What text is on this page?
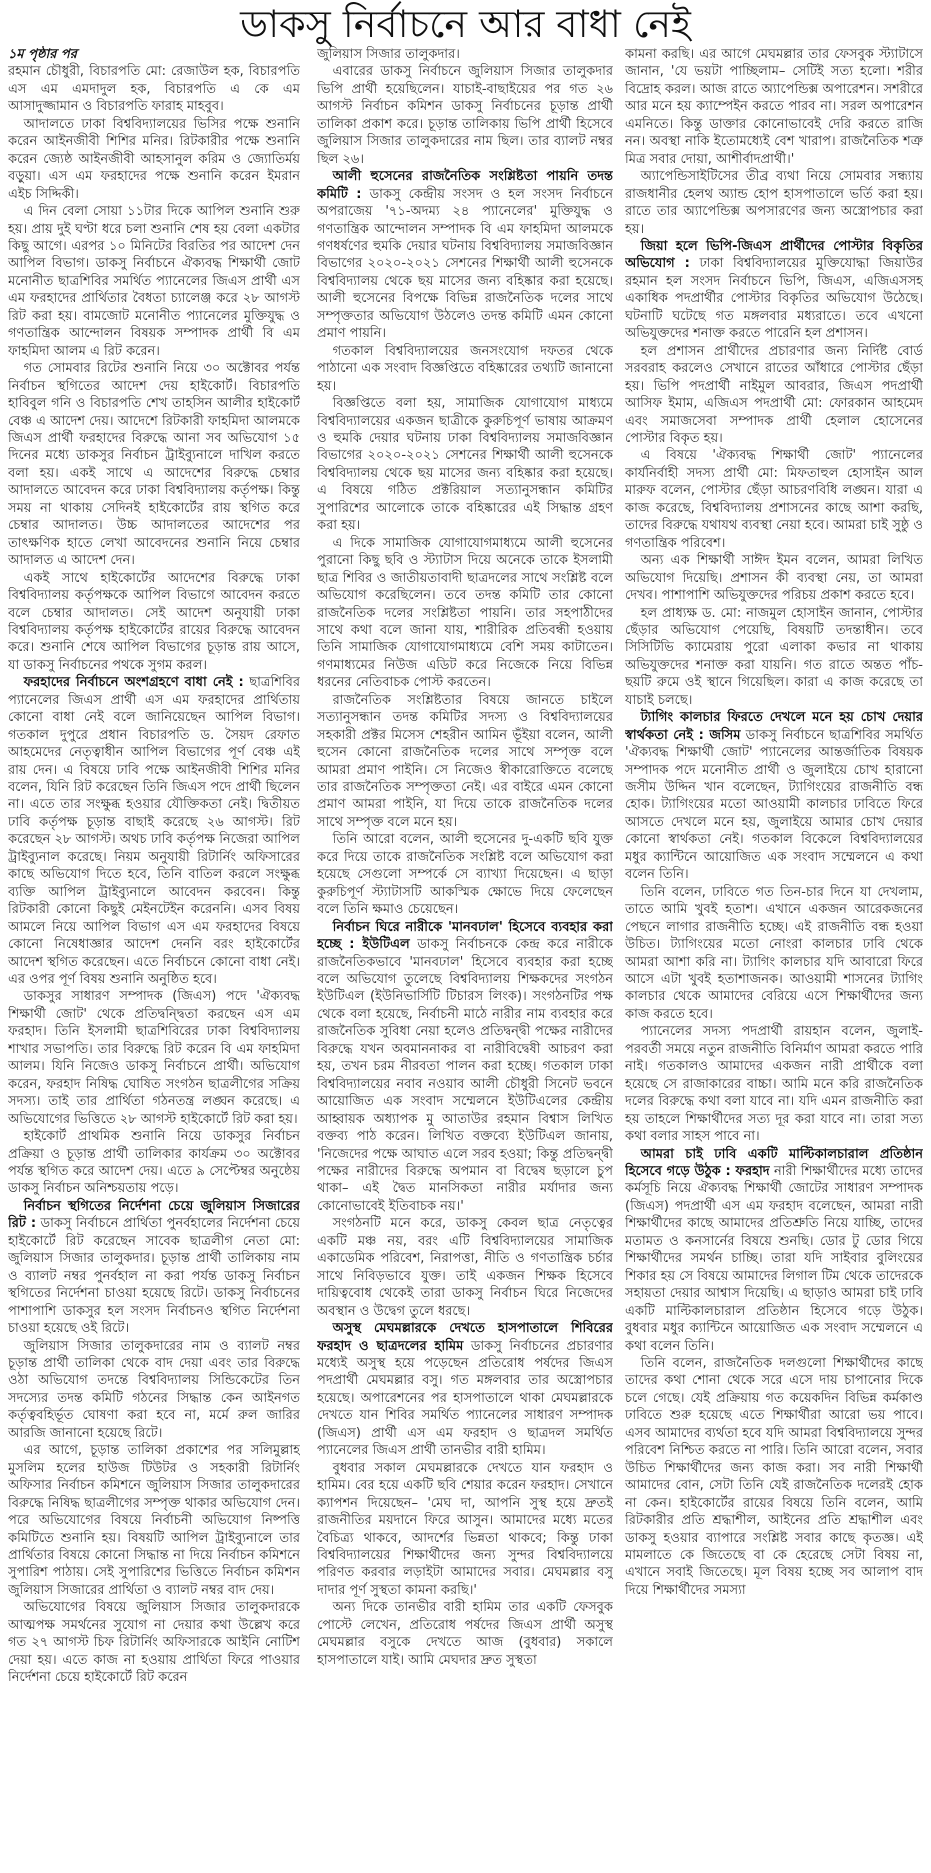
ডাকসু নির্বাচনে আর বাধা নেই
১ম পৃষ্ঠার পর

রহমান চৌধুরী, বিচারপতি মো: রেজাউল হক, বিচারপতি এস এম এমদাদুল হক, বিচারপতি এ কে এম আসাদুজ্জামান ও বিচারপতি ফারাহ মাহবুব।

আদালতে ঢাকা বিশ্ববিদ্যালয়ের ভিসির পক্ষে শুনানি করেন আইনজীবী শিশির মনির। রিটকারীর পক্ষে শুনানি করেন জ্যেষ্ঠ আইনজীবী আহসানুল করিম ও জ্যোতির্ময় বড়ুয়া। এস এম ফরহাদের পক্ষে শুনানি করেন ইমরান এইচ সিদ্দিকী।

এ দিন বেলা সোয়া ১১টার দিকে আপিল শুনানি শুরু হয়। প্রায় দুই ঘণ্টা ধরে চলা শুনানি শেষ হয় বেলা একটার কিছু আগে। এরপর ১০ মিনিটের বিরতির পর আদেশ দেন আপিল বিভাগ। ডাকসু নির্বাচনে ঐক্যবদ্ধ শিক্ষার্থী জোট মনোনীত ছাত্রশিবির সমর্থিত প্যানেলের জিএস প্রার্থী এস এম ফরহাদের প্রার্থিতার বৈধতা চ্যালেঞ্জ করে ২৮ আগস্ট রিট করা হয়। বামজোট মনোনীত প্যানেলের মুক্তিযুদ্ধ ও গণতান্ত্রিক আন্দোলন বিষয়ক সম্পাদক প্রার্থী বি এম ফাহমিদা আলম এ রিট করেন।

গত সোমবার রিটের শুনানি নিয়ে ৩০ অক্টোবর পর্যন্ত নির্বাচন স্থগিতের আদেশ দেয় হাইকোর্ট। বিচারপতি হাবিবুল গনি ও বিচারপতি শেখ তাহসিন আলীর হাইকোর্ট বেঞ্চ এ আদেশ দেয়। আদেশে রিটকারী ফাহমিদা আলমকে জিএস প্রার্থী ফরহাদের বিরুদ্ধে আনা সব অভিযোগ ১৫ দিনের মধ্যে ডাকসুর নির্বাচন ট্রাইব্যুনালে দাখিল করতে বলা হয়। একই সাথে এ আদেশের বিরুদ্ধে চেম্বার আদালতে আবেদন করে ঢাকা বিশ্ববিদ্যালয় কর্তৃপক্ষ। কিন্তু সময় না থাকায় সেদিনই হাইকোর্টের রায় স্থগিত করে চেম্বার আদালত। উচ্চ আদালতের আদেশের পর তাৎক্ষণিক হাতে লেখা আবেদনের শুনানি নিয়ে চেম্বার আদালত এ আদেশ দেন।

একই সাথে হাইকোর্টের আদেশের বিরুদ্ধে ঢাকা বিশ্ববিদ্যালয় কর্তৃপক্ষকে আপিল বিভাগে আবেদন করতে বলে চেম্বার আদালত। সেই আদেশ অনুযায়ী ঢাকা বিশ্ববিদ্যালয় কর্তৃপক্ষ হাইকোর্টের রায়ের বিরুদ্ধে আবেদন করে। শুনানি শেষে আপিল বিভাগের চূড়ান্ত রায় আসে, যা ডাকসু নির্বাচনের পথকে সুগম করল।

ফরহাদের নির্বাচনে অংশগ্রহণে বাধা নেই : ছাত্রশিবির প্যানেলের জিএস প্রার্থী এস এম ফরহাদের প্রার্থিতায় কোনো বাধা নেই বলে জানিয়েছেন আপিল বিভাগ। গতকাল দুপুরে প্রধান বিচারপতি ড. সৈয়দ রেফাত আহমেদের নেতৃত্বাধীন আপিল বিভাগের পূর্ণ বেঞ্চ এই রায় দেন। এ বিষয়ে ঢাবি পক্ষে আইনজীবী শিশির মনির বলেন, যিনি রিট করেছেন তিনি জিএস পদে প্রার্থী ছিলেন না। এতে তার সংক্ষুব্ধ হওয়ার যৌক্তিকতা নেই। দ্বিতীয়ত ঢাবি কর্তৃপক্ষ চূড়ান্ত বাছাই করেছে ২৬ আগস্ট। রিট করেছেন ২৮ আগস্ট। অথচ ঢাবি কর্তৃপক্ষ নিজেরা আপিল ট্রাইব্যুনাল করেছে। নিয়ম অনুযায়ী রিটার্নিং অফিসারের কাছে অভিযোগ দিতে হবে, তিনি বাতিল করলে সংক্ষুব্ধ ব্যক্তি আপিল ট্রাইব্যুনালে আবেদন করবেন। কিন্তু রিটকারী কোনো কিছুই মেইনটেইন করেননি। এসব বিষয় আমলে নিয়ে আপিল বিভাগ এস এম ফরহাদের বিষয়ে কোনো নিষেধাজ্ঞার আদেশ দেননি বরং হাইকোর্টের আদেশ স্থগিত করেছেন। এতে নির্বাচনে কোনো বাধা নেই। এর ওপর পূর্ণ বিষয় শুনানি অনুষ্ঠিত হবে।

ডাকসুর সাধারণ সম্পাদক (জিএস) পদে 'ঐক্যবদ্ধ শিক্ষার্থী জোট' থেকে প্রতিদ্বন্দ্বিতা করছেন এস এম ফরহাদ। তিনি ইসলামী ছাত্রশিবিরের ঢাকা বিশ্ববিদ্যালয় শাখার সভাপতি। তার বিরুদ্ধে রিট করেন বি এম ফাহমিদা আলম। যিনি নিজেও ডাকসু নির্বাচনে প্রার্থী। অভিযোগ করেন, ফরহাদ নিষিদ্ধ ঘোষিত সংগঠন ছাত্রলীগের সক্রিয় সদস্য। তাই তার প্রার্থিতা গঠনতন্ত্র লঙ্ঘন করেছে। এ অভিযোগের ভিত্তিতে ২৮ আগস্ট হাইকোর্টে রিট করা হয়।

হাইকোর্ট প্রাথমিক শুনানি নিয়ে ডাকসুর নির্বাচন প্রক্রিয়া ও চূড়ান্ত প্রার্থী তালিকার কার্যক্রম ৩০ অক্টোবর পর্যন্ত স্থগিত করে আদেশ দেয়। এতে ৯ সেপ্টেম্বর অনুষ্ঠেয় ডাকসু নির্বাচন অনিশ্চয়তায় পড়ে।

নির্বাচন স্থগিতের নির্দেশনা চেয়ে জুলিয়াস সিজারের রিট : ডাকসু নির্বাচনে প্রার্থিতা পুনর্বহালের নির্দেশনা চেয়ে হাইকোর্টে রিট করেছেন সাবেক ছাত্রলীগ নেতা মো: জুলিয়াস সিজার তালুকদার। চূড়ান্ত প্রার্থী তালিকায় নাম ও ব্যালট নম্বর পুনর্বহাল না করা পর্যন্ত ডাকসু নির্বাচন স্থগিতের নির্দেশনা চাওয়া হয়েছে রিটে। ডাকসু নির্বাচনের পাশাপাশি ডাকসুর হল সংসদ নির্বাচনও স্থগিত নির্দেশনা চাওয়া হয়েছে ওই রিটে।

জুলিয়াস সিজার তালুকদারের নাম ও ব্যালট নম্বর চূড়ান্ত প্রার্থী তালিকা থেকে বাদ দেয়া এবং তার বিরুদ্ধে ওঠা অভিযোগ তদন্তে বিশ্ববিদ্যালয় সিন্ডিকেটের তিন সদস্যের তদন্ত কমিটি গঠনের সিদ্ধান্ত কেন আইনগত কর্তৃত্ববহির্ভূত ঘোষণা করা হবে না, মর্মে রুল জারির আরজি জানানো হয়েছে রিটে।

এর আগে, চূড়ান্ত তালিকা প্রকাশের পর সলিমুল্লাহ মুসলিম হলের হাউজ টিউটর ও সহকারী রিটার্নিং অফিসার নির্বাচন কমিশনে জুলিয়াস সিজার তালুকদারের বিরুদ্ধে নিষিদ্ধ ছাত্রলীগের সম্পৃক্ত থাকার অভিযোগ দেন। পরে অভিযোগের বিষয়ে নির্বাচনী অভিযোগ নিষ্পত্তি কমিটিতে শুনানি হয়। বিষয়টি আপিল ট্রাইব্যুনালে তার প্রার্থিতার বিষয়ে কোনো সিদ্ধান্ত না দিয়ে নির্বাচন কমিশনে সুপারিশ পাঠায়। সেই সুপারিশের ভিত্তিতে নির্বাচন কমিশন জুলিয়াস সিজারের প্রার্থিতা ও ব্যালট নম্বর বাদ দেয়।

অভিযোগের বিষয়ে জুলিয়াস সিজার তালুকদারকে আত্মপক্ষ সমর্থনের সুযোগ না দেয়ার কথা উল্লেখ করে গত ২৭ আগস্ট চিফ রিটার্নিং অফিসারকে আইনি নোটিশ দেয়া হয়। এতে কাজ না হওয়ায় প্রার্থিতা ফিরে পাওয়ার নির্দেশনা চেয়ে হাইকোর্টে রিট করেন

জুলিয়াস সিজার তালুকদার।

এবারের ডাকসু নির্বাচনে জুলিয়াস সিজার তালুকদার ভিপি প্রার্থী হয়েছিলেন। যাচাই-বাছাইয়ের পর গত ২৬ আগস্ট নির্বাচন কমিশন ডাকসু নির্বাচনের চূড়ান্ত প্রার্থী তালিকা প্রকাশ করে। চূড়ান্ত তালিকায় ভিপি প্রার্থী হিসেবে জুলিয়াস সিজার তালুকদারের নাম ছিল। তার ব্যালট নম্বর ছিল ২৬।

আলী হুসেনের রাজনৈতিক সংশ্লিষ্টতা পায়নি তদন্ত কমিটি : ডাকসু কেন্দ্রীয় সংসদ ও হল সংসদ নির্বাচনে অপরাজেয় '৭১-অদম্য ২৪ প্যানেলের' মুক্তিযুদ্ধ ও গণতান্ত্রিক আন্দোলন সম্পাদক বি এম ফাহমিদা আলমকে গণধর্ষণের হুমকি দেয়ার ঘটনায় বিশ্ববিদ্যালয় সমাজবিজ্ঞান বিভাগের ২০২০-২০২১ সেশনের শিক্ষার্থী আলী হুসেনকে বিশ্ববিদ্যালয় থেকে ছয় মাসের জন্য বহিষ্কার করা হয়েছে। আলী হুসেনের বিপক্ষে বিভিন্ন রাজনৈতিক দলের সাথে সম্পৃক্ততার অভিযোগ উঠলেও তদন্ত কমিটি এমন কোনো প্রমাণ পায়নি।

গতকাল বিশ্ববিদ্যালয়ের জনসংযোগ দফতর থেকে পাঠানো এক সংবাদ বিজ্ঞপ্তিতে বহিষ্কারের তথ্যটি জানানো হয়।

বিজ্ঞপ্তিতে বলা হয়, সামাজিক যোগাযোগ মাধ্যমে বিশ্ববিদ্যালয়ের একজন ছাত্রীকে কুরুচিপূর্ণ ভাষায় আক্রমণ ও হুমকি দেয়ার ঘটনায় ঢাকা বিশ্ববিদ্যালয় সমাজবিজ্ঞান বিভাগের ২০২০-২০২১ সেশনের শিক্ষার্থী আলী হুসেনকে বিশ্ববিদ্যালয় থেকে ছয় মাসের জন্য বহিষ্কার করা হয়েছে। এ বিষয়ে গঠিত প্রক্টরিয়াল সত্যানুসন্ধান কমিটির সুপারিশের আলোকে তাকে বহিষ্কারের এই সিদ্ধান্ত গ্রহণ করা হয়।

এ দিকে সামাজিক যোগাযোগমাধ্যমে আলী হুসেনের পুরানো কিছু ছবি ও স্ট্যাটাস দিয়ে অনেকে তাকে ইসলামী ছাত্র শিবির ও জাতীয়তাবাদী ছাত্রদলের সাথে সংশ্লিষ্ট বলে অভিযোগ করেছিলেন। তবে তদন্ত কমিটি তার কোনো রাজনৈতিক দলের সংশ্লিষ্টতা পায়নি। তার সহপাঠীদের সাথে কথা বলে জানা যায়, শারীরিক প্রতিবন্ধী হওয়ায় তিনি সামাজিক যোগাযোগমাধ্যমে বেশি সময় কাটাতেন। গণমাধ্যমের নিউজ এডিট করে নিজেকে নিয়ে বিভিন্ন ধরনের নেতিবাচক পোস্ট করতেন।

রাজনৈতিক সংশ্লিষ্টতার বিষয়ে জানতে চাইলে সত্যানুসন্ধান তদন্ত কমিটির সদস্য ও বিশ্ববিদ্যালয়ের সহকারী প্রক্টর মিসেস শেহরীন আমিন ভূঁইয়া বলেন, আলী হুসেন কোনো রাজনৈতিক দলের সাথে সম্পৃক্ত বলে আমরা প্রমাণ পাইনি। সে নিজেও স্বীকারোক্তিতে বলেছে তার রাজনৈতিক সম্পৃক্ততা নেই। এর বাইরে এমন কোনো প্রমাণ আমরা পাইনি, যা দিয়ে তাকে রাজনৈতিক দলের সাথে সম্পৃক্ত বলে মনে হয়।

তিনি আরো বলেন, আলী হুসেনের দু-একটি ছবি যুক্ত করে দিয়ে তাকে রাজনৈতিক সংশ্লিষ্ট বলে অভিযোগ করা হয়েছে সেগুলো সম্পর্কে সে ব্যাখ্যা দিয়েছেন। এ ছাড়া কুরুচিপূর্ণ স্ট্যাটাসটি আকস্মিক ক্ষোভে দিয়ে ফেলেছেন বলে তিনি ক্ষমাও চেয়েছেন।

নির্বাচন ঘিরে নারীকে 'মানবঢাল' হিসেবে ব্যবহার করা হচ্ছে : ইউটিএল ডাকসু নির্বাচনকে কেন্দ্র করে নারীকে রাজনৈতিকভাবে 'মানবঢাল' হিসেবে ব্যবহার করা হচ্ছে বলে অভিযোগ তুলেছে বিশ্ববিদ্যালয় শিক্ষকদের সংগঠন ইউটিএল (ইউনিভার্সিটি টিচারস লিংক)। সংগঠনটির পক্ষ থেকে বলা হয়েছে, নির্বাচনী মাঠে নারীর নাম ব্যবহার করে রাজনৈতিক সুবিধা নেয়া হলেও প্রতিদ্বন্দ্বী পক্ষের নারীদের বিরুদ্ধে যখন অবমাননাকর বা নারীবিদ্বেষী আচরণ করা হয়, তখন চরম নীরবতা পালন করা হচ্ছে। গতকাল ঢাকা বিশ্ববিদ্যালয়ের নবাব নওয়াব আলী চৌধুরী সিনেট ভবনে আয়োজিত এক সংবাদ সম্মেলনে ইউটিএলের কেন্দ্রীয় আহ্বায়ক অধ্যাপক মু আতাউর রহমান বিশ্বাস লিখিত বক্তব্য পাঠ করেন। লিখিত বক্তব্যে ইউটিএল জানায়, 'নিজেদের পক্ষে আঘাত এলে সরব হওয়া; কিন্তু প্রতিদ্বন্দ্বী পক্ষের নারীদের বিরুদ্ধে অপমান বা বিদ্বেষ ছড়ালে চুপ থাকা– এই দ্বৈত মানসিকতা নারীর মর্যাদার জন্য কোনোভাবেই ইতিবাচক নয়।'

সংগঠনটি মনে করে, ডাকসু কেবল ছাত্র নেতৃত্বের একটি মঞ্চ নয়, বরং এটি বিশ্ববিদ্যালয়ের সামাজিক একাডেমিক পরিবেশ, নিরাপত্তা, নীতি ও গণতান্ত্রিক চর্চার সাথে নিবিড়ভাবে যুক্ত। তাই একজন শিক্ষক হিসেবে দায়িত্ববোধ থেকেই তারা ডাকসু নির্বাচন ঘিরে নিজেদের অবস্থান ও উদ্বেগ তুলে ধরছে।

অসুস্থ মেঘমল্লারকে দেখতে হাসপাতালে শিবিরের ফরহাদ ও ছাত্রদলের হামিম ডাকসু নির্বাচনের প্রচারণার মধ্যেই অসুস্থ হয়ে পড়েছেন প্রতিরোধ পর্ষদের জিএস পদপ্রার্থী মেঘমল্লার বসু। গত মঙ্গলবার তার অস্ত্রোপচার হয়েছে। অপারেশনের পর হাসপাতালে থাকা মেঘমল্লারকে দেখতে যান শিবির সমর্থিত প্যানেলের সাধারণ সম্পাদক (জিএস) প্রার্থী এস এম ফরহাদ ও ছাত্রদল সমর্থিত প্যানেলের জিএস প্রার্থী তানভীর বারী হামিম।

বুধবার সকাল মেঘমল্লারকে দেখতে যান ফরহাদ ও হামিম। বের হয়ে একটি ছবি শেয়ার করেন ফরহাদ। সেখানে ক্যাপশন দিয়েছেন– 'মেঘ দা, আপনি সুস্থ হয়ে দ্রুতই রাজনীতির ময়দানে ফিরে আসুন। আমাদের মধ্যে মতের বৈচিত্র্য থাকবে, আদর্শের ভিন্নতা থাকবে; কিন্তু ঢাকা বিশ্ববিদ্যালয়ের শিক্ষার্থীদের জন্য সুন্দর বিশ্ববিদ্যালয়ে পরিণত করবার লড়াইটা আমাদের সবার। মেঘমল্লার বসু দাদার পূর্ণ সুস্থতা কামনা করছি।'

অন্য দিকে তানভীর বারী হামিম তার একটি ফেসবুক পোস্টে লেখেন, প্রতিরোধ পর্ষদের জিএস প্রার্থী অসুস্থ মেঘমল্লার বসুকে দেখতে আজ (বুধবার) সকালে হাসপাতালে যাই। আমি মেঘদার দ্রুত সুস্থতা

কামনা করছি। এর আগে মেঘমল্লার তার ফেসবুক স্ট্যাটাসে জানান, 'যে ভয়টা পাচ্ছিলাম– সেটিই সত্য হলো। শরীর বিদ্রোহ করল। আজ রাতে অ্যাপেন্ডিক্স অপারেশন। সশরীরে আর মনে হয় ক্যাম্পেইন করতে পারব না। সরল অপারেশন এমনিতে। কিন্তু ডাক্তার কোনোভাবেই দেরি করতে রাজি নন। অবস্থা নাকি ইতোমধ্যেই বেশ খারাপ। রাজনৈতিক শত্রু মিত্র সবার দোয়া, আশীর্বাদপ্রার্থী।'

অ্যাপেন্ডিসাইটিসের তীব্র ব্যথা নিয়ে সোমবার সন্ধ্যায় রাজধানীর হেলথ অ্যান্ড হোপ হাসপাতালে ভর্তি করা হয়। রাতে তার অ্যাপেন্ডিক্স অপসারণের জন্য অস্ত্রোপচার করা হয়।

জিয়া হলে ভিপি-জিএস প্রার্থীদের পোস্টার বিকৃতির অভিযোগ : ঢাকা বিশ্ববিদ্যালয়ের মুক্তিযোদ্ধা জিয়াউর রহমান হল সংসদ নির্বাচনে ভিপি, জিএস, এজিএসসহ একাধিক পদপ্রার্থীর পোস্টার বিকৃতির অভিযোগ উঠেছে। ঘটনাটি ঘটেছে গত মঙ্গলবার মধ্যরাতে। তবে এখনো অভিযুক্তদের শনাক্ত করতে পারেনি হল প্রশাসন।

হল প্রশাসন প্রার্থীদের প্রচারণার জন্য নির্দিষ্ট বোর্ড সরবরাহ করলেও সেখানে রাতের আঁধারে পোস্টার ছেঁড়া হয়। ভিপি পদপ্রার্থী নাইমুল আবরার, জিএস পদপ্রার্থী আসিফ ইমাম, এজিএস পদপ্রার্থী মো: ফোরকান আহমেদ এবং সমাজসেবা সম্পাদক প্রার্থী হেলাল হোসেনের পোস্টার বিকৃত হয়।

এ বিষয়ে 'ঐক্যবদ্ধ শিক্ষার্থী জোট' প্যানেলের কার্যনির্বাহী সদস্য প্রার্থী মো: মিফতাহুল হোসাইন আল মারুফ বলেন, পোস্টার ছেঁড়া আচরণবিধি লঙ্ঘন। যারা এ কাজ করেছে, বিশ্ববিদ্যালয় প্রশাসনের কাছে আশা করছি, তাদের বিরুদ্ধে যথাযথ ব্যবস্থা নেয়া হবে। আমরা চাই সুষ্ঠু ও গণতান্ত্রিক পরিবেশ।

অন্য এক শিক্ষার্থী সাঈদ ইমন বলেন, আমরা লিখিত অভিযোগ দিয়েছি। প্রশাসন কী ব্যবস্থা নেয়, তা আমরা দেখব। পাশাপাশি অভিযুক্তদের পরিচয় প্রকাশ করতে হবে।

হল প্রাধ্যক্ষ ড. মো: নাজমুল হোসাইন জানান, পোস্টার ছেঁড়ার অভিযোগ পেয়েছি, বিষয়টি তদন্তাধীন। তবে সিসিটিভি ক্যামেরায় পুরো এলাকা কভার না থাকায় অভিযুক্তদের শনাক্ত করা যায়নি। গত রাতে অন্তত পাঁচ-ছয়টি রুমে ওই স্থানে গিয়েছিল। কারা এ কাজ করেছে তা যাচাই চলছে।

ট্যাগিং কালচার ফিরতে দেখলে মনে হয় চোখ দেয়ার স্বার্থকতা নেই : জসিম ডাকসু নির্বাচনে ছাত্রশিবির সমর্থিত 'ঐক্যবদ্ধ শিক্ষার্থী জোট' প্যানেলের আন্তর্জাতিক বিষয়ক সম্পাদক পদে মনোনীত প্রার্থী ও জুলাইয়ে চোখ হারানো জসীম উদ্দিন খান বলেছেন, ট্যাগিংয়ের রাজনীতি বন্ধ হোক। ট্যাগিংয়ের মতো আওয়ামী কালচার ঢাবিতে ফিরে আসতে দেখলে মনে হয়, জুলাইয়ে আমার চোখ দেয়ার কোনো স্বার্থকতা নেই। গতকাল বিকেলে বিশ্ববিদ্যালয়ের মধুর ক্যান্টিনে আয়োজিত এক সংবাদ সম্মেলনে এ কথা বলেন তিনি।

তিনি বলেন, ঢাবিতে গত তিন-চার দিনে যা দেখলাম, তাতে আমি খুবই হতাশ। এখানে একজন আরেকজনের পেছনে লাগার রাজনীতি হচ্ছে। এই রাজনীতি বন্ধ হওয়া উচিত। ট্যাগিংয়ের মতো নোংরা কালচার ঢাবি থেকে আমরা আশা করি না। ট্যাগিং কালচার যদি আবারো ফিরে আসে এটা খুবই হতাশাজনক। আওয়ামী শাসনের ট্যাগিং কালচার থেকে আমাদের বেরিয়ে এসে শিক্ষার্থীদের জন্য কাজ করতে হবে।

প্যানেলের সদস্য পদপ্রার্থী রায়হান বলেন, জুলাই-পরবর্তী সময়ে নতুন রাজনীতি বিনির্মাণ আমরা করতে পারি নাই। গতকালও আমাদের একজন নারী প্রার্থীকে বলা হয়েছে সে রাজাকারের বাচ্চা। আমি মনে করি রাজনৈতিক দলের বিরুদ্ধে কথা বলা যাবে না। যদি এমন রাজনীতি করা হয় তাহলে শিক্ষার্থীদের সত্য দূর করা যাবে না। তারা সত্য কথা বলার সাহস পাবে না।

আমরা চাই ঢাবি একটি মাল্টিকালচারাল প্রতিষ্ঠান হিসেবে গড়ে উঠুক : ফরহাদ নারী শিক্ষার্থীদের মধ্যে তাদের কর্মসূচি নিয়ে ঐক্যবদ্ধ শিক্ষার্থী জোটের সাধারণ সম্পাদক (জিএস) পদপ্রার্থী এস এম ফরহাদ বলেছেন, আমরা নারী শিক্ষার্থীদের কাছে আমাদের প্রতিশ্রুতি নিয়ে যাচ্ছি, তাদের মতামত ও কনসার্নের বিষয়ে শুনছি। ডোর টু ডোর গিয়ে শিক্ষার্থীদের সমর্থন চাচ্ছি। তারা যদি সাইবার বুলিংয়ের শিকার হয় সে বিষয়ে আমাদের লিগাল টিম থেকে তাদেরকে সহায়তা দেয়ার আশ্বাস দিয়েছি। এ ছাড়াও আমরা চাই ঢাবি একটি মাল্টিকালচারাল প্রতিষ্ঠান হিসেবে গড়ে উঠুক। বুধবার মধুর ক্যান্টিনে আয়োজিত এক সংবাদ সম্মেলনে এ কথা বলেন তিনি।

তিনি বলেন, রাজনৈতিক দলগুলো শিক্ষার্থীদের কাছে তাদের কথা শোনা থেকে সরে এসে দায় চাপানোর দিকে চলে গেছে। যেই প্রক্রিয়ায় গত কয়েকদিন বিভিন্ন কর্মকাণ্ড ঢাবিতে শুরু হয়েছে এতে শিক্ষার্থীরা আরো ভয় পাবে। এসব আমাদের ব্যর্থতা হবে যদি আমরা বিশ্ববিদ্যালয়ে সুন্দর পরিবেশ নিশ্চিত করতে না পারি। তিনি আরো বলেন, সবার উচিত শিক্ষার্থীদের জন্য কাজ করা। সব নারী শিক্ষার্থী আমাদের বোন, সেটা তিনি যেই রাজনৈতিক দলেরই হোক না কেন। হাইকোর্টের রায়ের বিষয়ে তিনি বলেন, আমি রিটকারীর প্রতি শ্রদ্ধাশীল, আইনের প্রতি শ্রদ্ধাশীল এবং ডাকসু হওয়ার ব্যাপারে সংশ্লিষ্ট সবার কাছে কৃতজ্ঞ। এই মামলাতে কে জিতেছে বা কে হেরেছে সেটা বিষয় না, এখানে সবাই জিতেছে। মূল বিষয় হচ্ছে সব আলাপ বাদ দিয়ে শিক্ষার্থীদের সমস্যা
